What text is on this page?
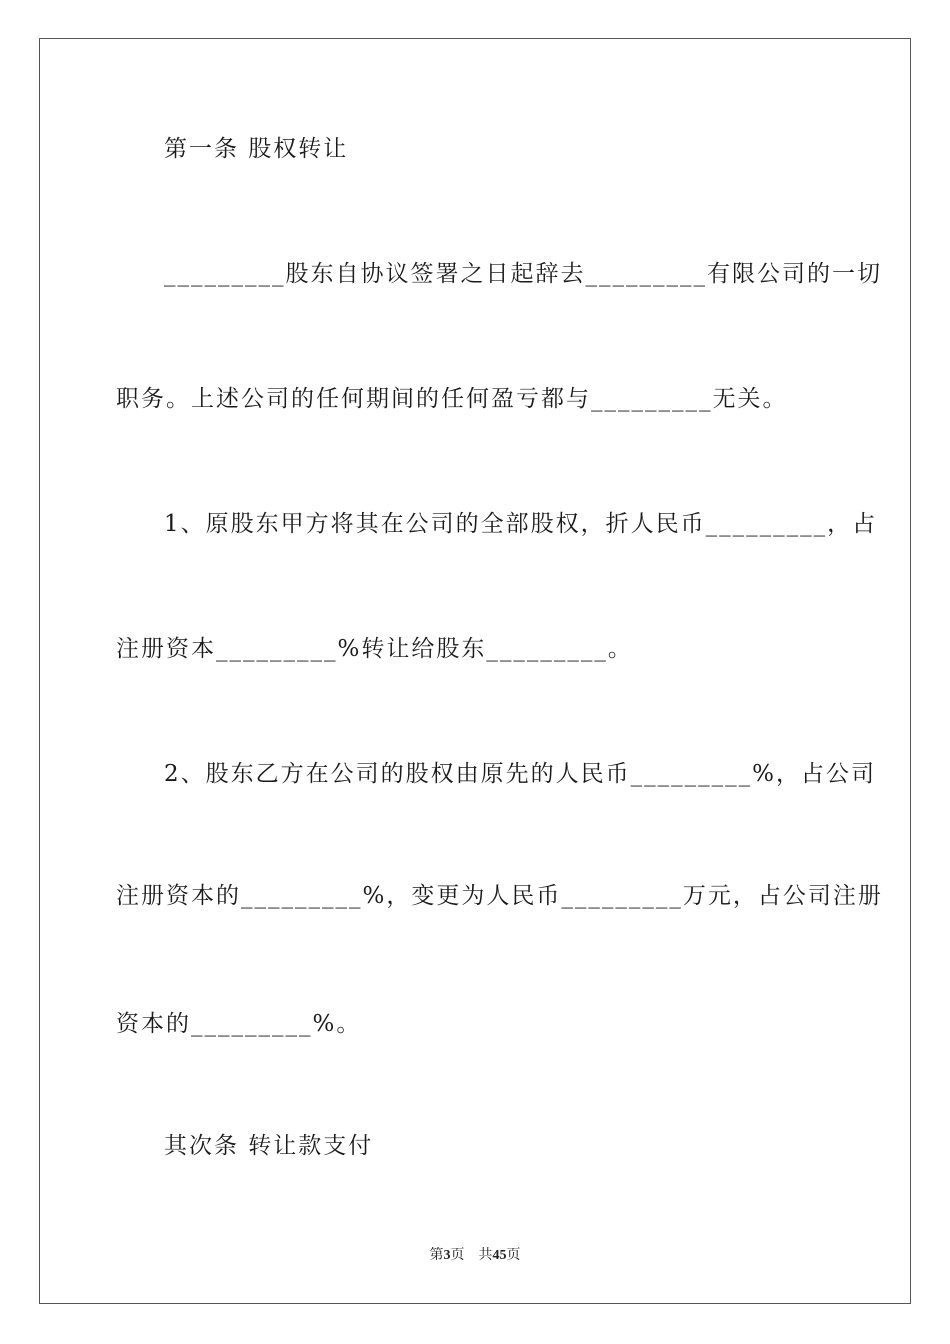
第一条 股权转让
_________股东自协议签署之日起辞去_________有限公司的一切
职务。上述公司的任何期间的任何盈亏都与_________无关。
1、原股东甲方将其在公司的全部股权，折人民币_________，占
注册资本_________%转让给股东_________。
2、股东乙方在公司的股权由原先的人民币_________%，占公司
注册资本的_________%，变更为人民币_________万元，占公司注册
资本的_________%。
其次条 转让款支付
第3页 共45页
